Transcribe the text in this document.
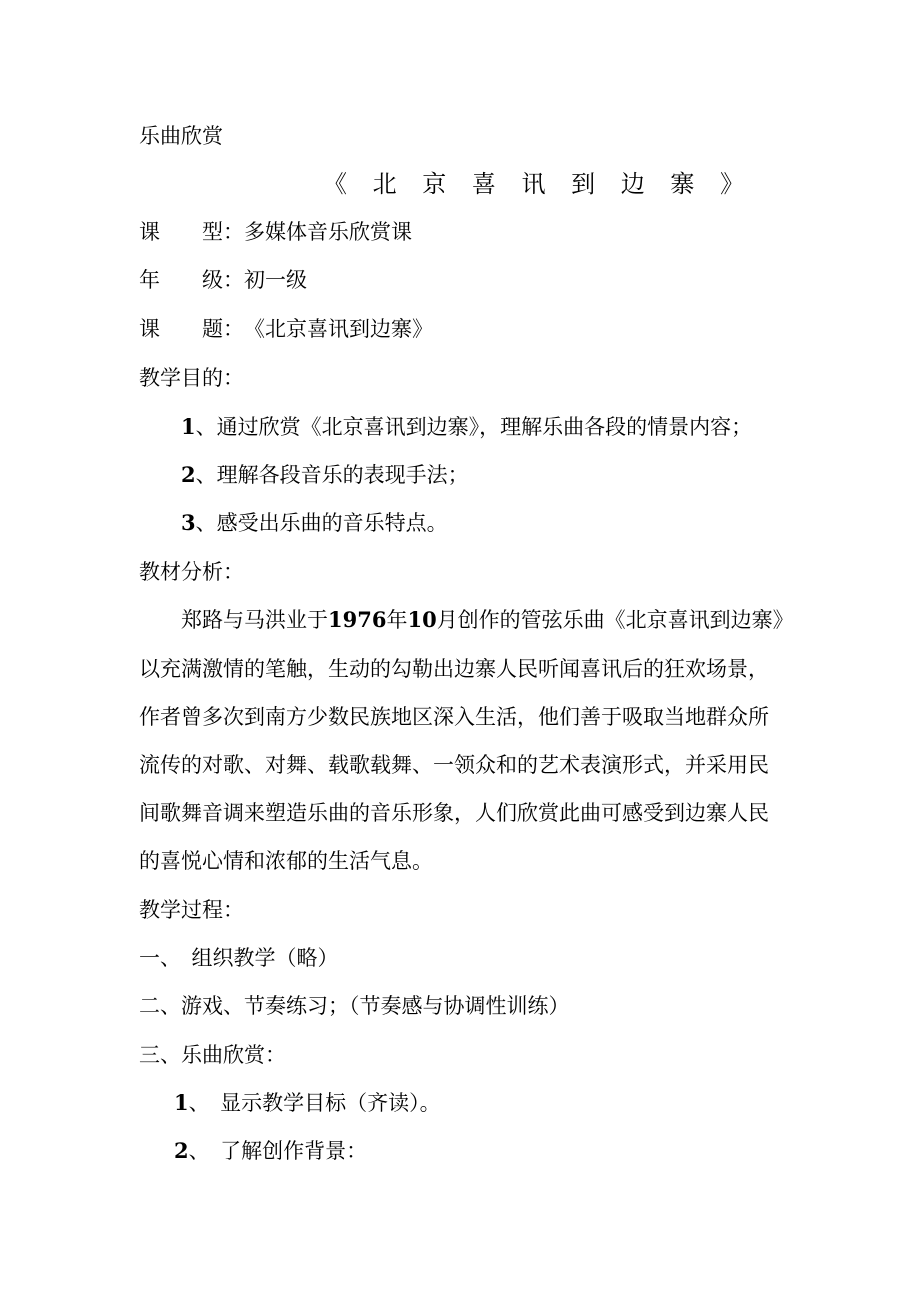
乐曲欣赏
《 北 京 喜 讯 到 边 寨 》
课　　型：多媒体音乐欣赏课
年　　级：初一级
课　　题：《北京喜讯到边寨》
教学目的：
1、通过欣赏《北京喜讯到边寨》，理解乐曲各段的情景内容；
2、理解各段音乐的表现手法；
3、感受出乐曲的音乐特点。
教材分析：
郑路与马洪业于1976年10月创作的管弦乐曲《北京喜讯到边寨》
以充满激情的笔触，生动的勾勒出边寨人民听闻喜讯后的狂欢场景，
作者曾多次到南方少数民族地区深入生活，他们善于吸取当地群众所
流传的对歌、对舞、载歌载舞、一领众和的艺术表演形式，并采用民
间歌舞音调来塑造乐曲的音乐形象，人们欣赏此曲可感受到边寨人民
的喜悦心情和浓郁的生活气息。
教学过程：
一、　组织教学（略）
二、游戏、节奏练习；（节奏感与协调性训练）
三、乐曲欣赏：
1、　显示教学目标（齐读）。
2、　了解创作背景：
